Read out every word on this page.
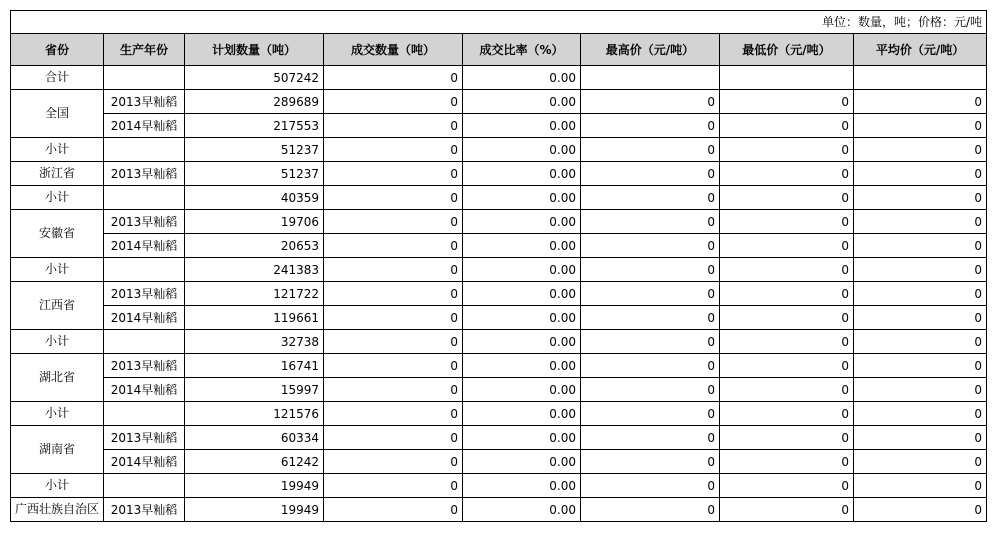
单位：数量，吨；价格：元/吨							
省份	生产年份	计划数量（吨）	成交数量（吨）	成交比率（%）	最高价（元/吨）	最低价（元/吨）	平均价（元/吨）
合计		507242	0	0.00			
全国	2013早籼稻	289689	0	0.00	0	0	0
	2014早籼稻	217553	0	0.00	0	0	0
小计		51237	0	0.00	0	0	0
浙江省	2013早籼稻	51237	0	0.00	0	0	0
小计		40359	0	0.00	0	0	0
安徽省	2013早籼稻	19706	0	0.00	0	0	0
	2014早籼稻	20653	0	0.00	0	0	0
小计		241383	0	0.00	0	0	0
江西省	2013早籼稻	121722	0	0.00	0	0	0
	2014早籼稻	119661	0	0.00	0	0	0
小计		32738	0	0.00	0	0	0
湖北省	2013早籼稻	16741	0	0.00	0	0	0
	2014早籼稻	15997	0	0.00	0	0	0
小计		121576	0	0.00	0	0	0
湖南省	2013早籼稻	60334	0	0.00	0	0	0
	2014早籼稻	61242	0	0.00	0	0	0
小计		19949	0	0.00	0	0	0
广西壮族自治区	2013早籼稻	19949	0	0.00	0	0	0
